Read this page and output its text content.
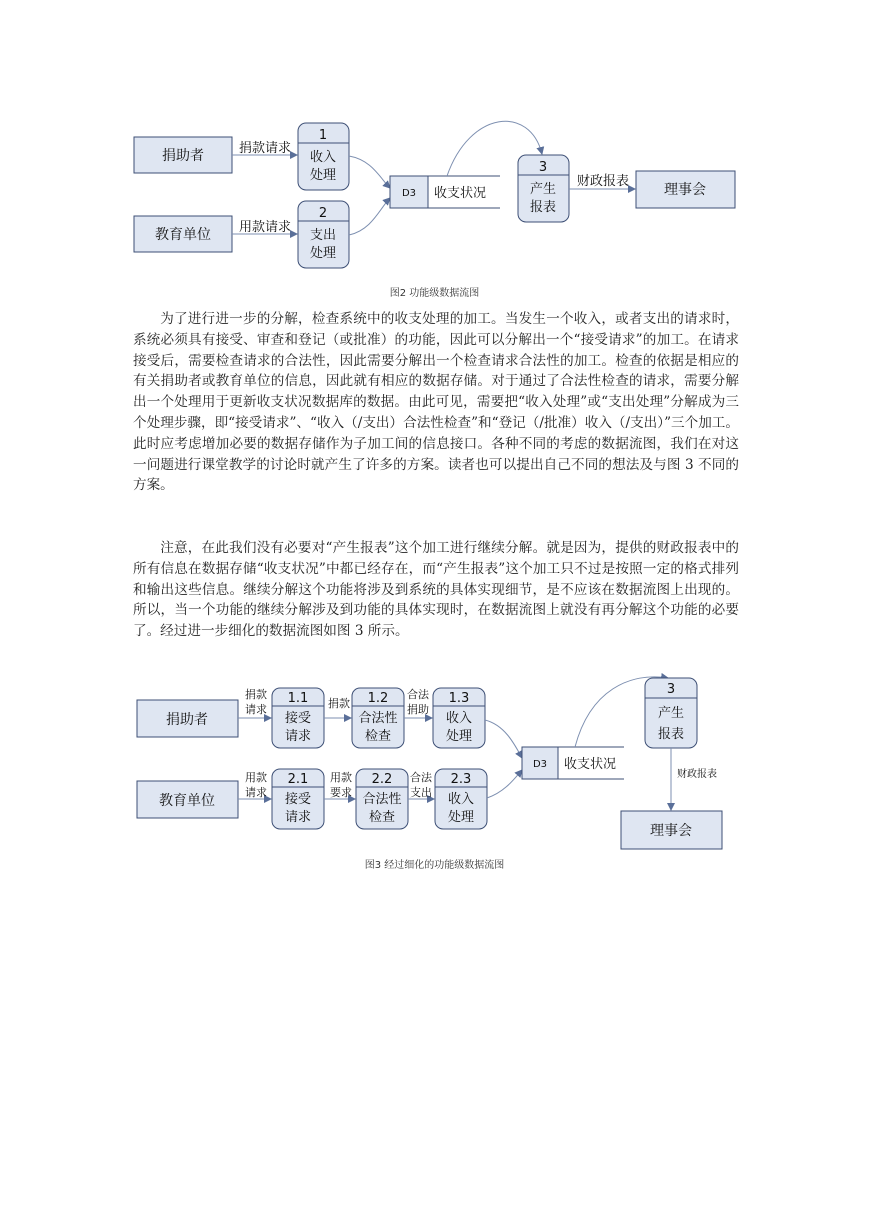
捐助者
教育单位
捐款请求
用款请求
1
收入
处理
2
支出
处理
D3 收支状况
3
产生
报表
财政报表
理事会
图2 功能级数据流图

为了进行进一步的分解，检查系统中的收支处理的加工。当发生一个收入，或者支出的请求时，系统必须具有接受、审查和登记（或批准）的功能，因此可以分解出一个“接受请求”的加工。在请求接受后，需要检查请求的合法性，因此需要分解出一个检查请求合法性的加工。检查的依据是相应的有关捐助者或教育单位的信息，因此就有相应的数据存储。对于通过了合法性检查的请求，需要分解出一个处理用于更新收支状况数据库的数据。由此可见，需要把“收入处理”或“支出处理”分解成为三个处理步骤，即“接受请求”、“收入（/支出）合法性检查”和“登记（/批准）收入（/支出）”三个加工。此时应考虑增加必要的数据存储作为子加工间的信息接口。各种不同的考虑的数据流图，我们在对这一问题进行课堂教学的讨论时就产生了许多的方案。读者也可以提出自己不同的想法及与图 3 不同的方案。

注意，在此我们没有必要对“产生报表”这个加工进行继续分解。就是因为，提供的财政报表中的所有信息在数据存储“收支状况”中都已经存在，而“产生报表”这个加工只不过是按照一定的格式排列和输出这些信息。继续分解这个功能将涉及到系统的具体实现细节，是不应该在数据流图上出现的。所以，当一个功能的继续分解涉及到功能的具体实现时，在数据流图上就没有再分解这个功能的必要了。经过进一步细化的数据流图如图 3 所示。

捐助者
捐款
请求
1.1
接受
请求
捐款 1.2
合法性
检查
合法
捐助
1.3
收入
处理
教育单位
用款
请求
2.1
接受
请求
用款
要求
2.2
合法性
检查
合法
支出
2.3
收入
处理
D3 收支状况
3
产生
报表
财政报表
理事会
图3 经过细化的功能级数据流图
